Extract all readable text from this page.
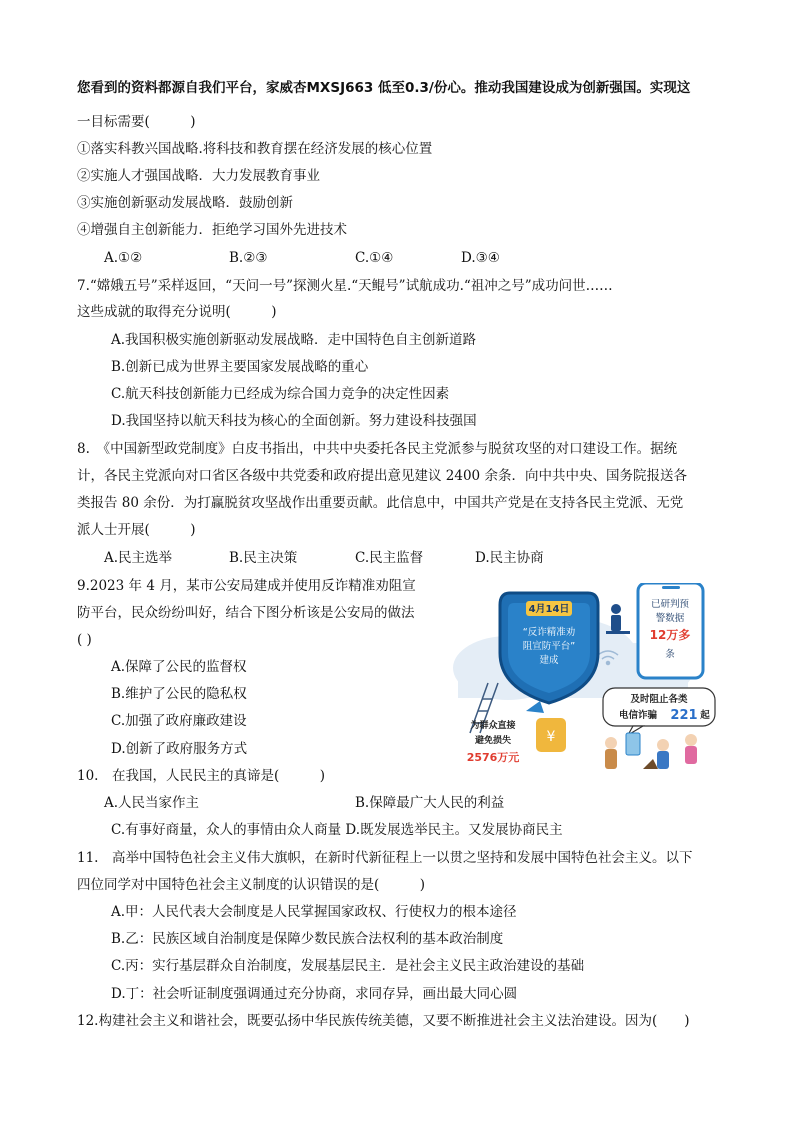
您看到的资料都源自我们平台，家威杏MXSJ663 低至0.3/份心。推动我国建设成为创新强国。实现这
一目标需要(　　　)
①落实科教兴国战略.将科技和教育摆在经济发展的核心位置
②实施人才强国战略．大力发展教育事业
③实施创新驱动发展战略．鼓励创新
④增强自主创新能力．拒绝学习国外先进技术
A.①②	B.②③	C.①④	D.③④
7.“嫦娥五号”采样返回，“天问一号”探测火星.“天鲲号”试航成功.“祖冲之号”成功问世……
这些成就的取得充分说明(　　　)
A.我国积极实施创新驱动发展战略．走中国特色自主创新道路
B.创新已成为世界主要国家发展战略的重心
C.航天科技创新能力已经成为综合国力竞争的决定性因素
D.我国坚持以航天科技为核心的全面创新。努力建设科技强国
8.　《中国新型政党制度》白皮书指出，中共中央委托各民主党派参与脱贫攻坚的对口建设工作。据统
计，各民主党派向对口省区各级中共党委和政府提出意见建议 2400 余条．向中共中央、国务院报送各
类报告 80 余份．为打赢脱贫攻坚战作出重要贡献。此信息中，中国共产党是在支持各民主党派、无党
派人士开展(　　　)
A.民主选举	B.民主决策	C.民主监督	D.民主协商
9.2023 年 4 月，某市公安局建成并使用反诈精准劝阻宣
防平台，民众纷纷叫好，结合下图分析该是公安局的做法
( )
A.保障了公民的监督权
B.维护了公民的隐私权
C.加强了政府廉政建设
D.创新了政府服务方式
4月14日
“反诈精准劝
阻宣防平台”
建成
已研判预
警数据
12万多
条
及时阻止各类
电信诈骗 221 起
¥
为群众直接
避免损失
2576万元
10.　在我国，人民民主的真谛是(　　　)
A.人民当家作主	B.保障最广大人民的利益
C.有事好商量，众人的事情由众人商量 D.既发展选举民主。又发展协商民主
11.　高举中国特色社会主义伟大旗帜，在新时代新征程上一以贯之坚持和发展中国特色社会主义。以下
四位同学对中国特色社会主义制度的认识错误的是(　　　)
A.甲：人民代表大会制度是人民掌握国家政权、行使权力的根本途径
B.乙：民族区域自治制度是保障少数民族合法权利的基本政治制度
C.丙：实行基层群众自治制度，发展基层民主．是社会主义民主政治建设的基础
D.丁：社会听证制度强调通过充分协商，求同存异，画出最大同心圆
12.构建社会主义和谐社会，既要弘扬中华民族传统美德，又要不断推进社会主义法治建设。因为(　　)
